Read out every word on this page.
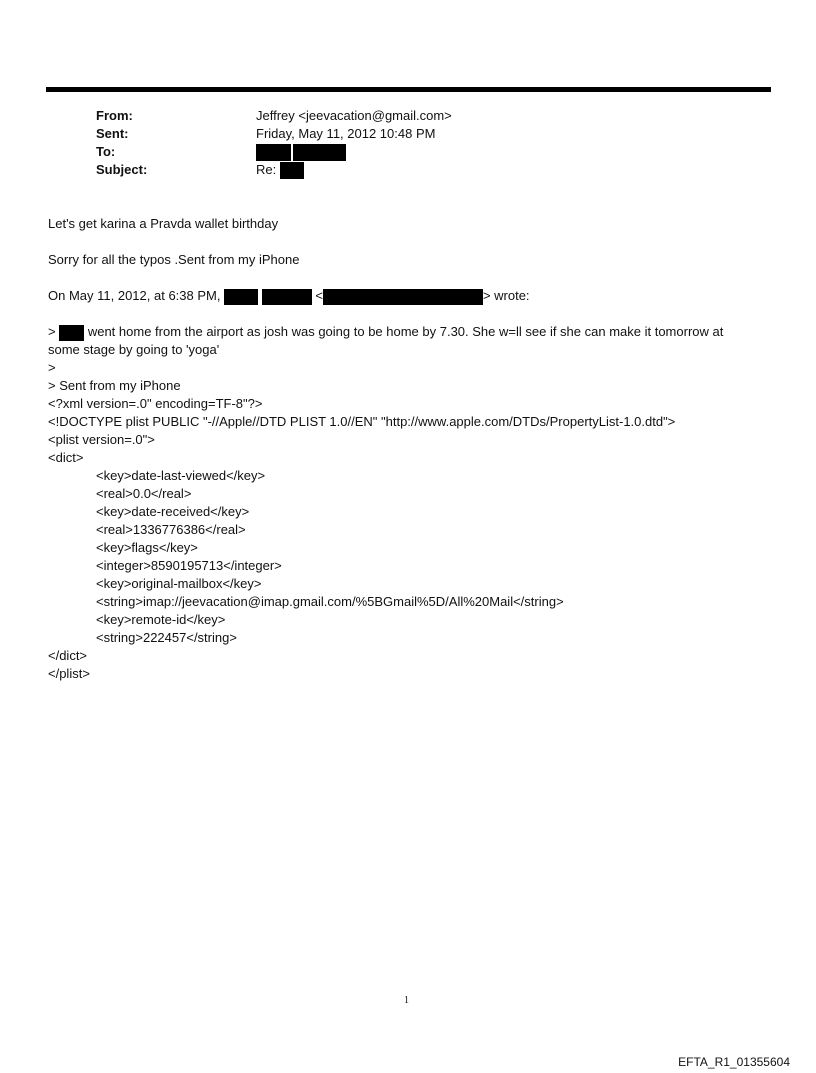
From:	Jeffrey <jeevacation@gmail.com>
Sent:	Friday, May 11, 2012 10:48 PM
To:
Subject:	Re:
Let's get karina a Pravda wallet birthday
Sorry for all the typos .Sent from my iPhone
On May 11, 2012, at 6:38 PM,	<	> wrote:
>  went home from the airport as josh was going to be home by 7.30. She w=ll see if she can make it tomorrow at
some stage by going to 'yoga'
>
> Sent from my iPhone
<?xml version=.0" encoding=TF-8"?>
<!DOCTYPE plist PUBLIC "-//Apple//DTD PLIST 1.0//EN" "http://www.apple.com/DTDs/PropertyList-1.0.dtd">
<plist version=.0">
<dict>
<key>date-last-viewed</key>
<real>0.0</real>
<key>date-received</key>
<real>1336776386</real>
<key>flags</key>
<integer>8590195713</integer>
<key>original-mailbox</key>
<string>imap://jeevacation@imap.gmail.com/%5BGmail%5D/All%20Mail</string>
<key>remote-id</key>
<string>222457</string>
</dict>
</plist>
1
EFTA_R1_01355604
